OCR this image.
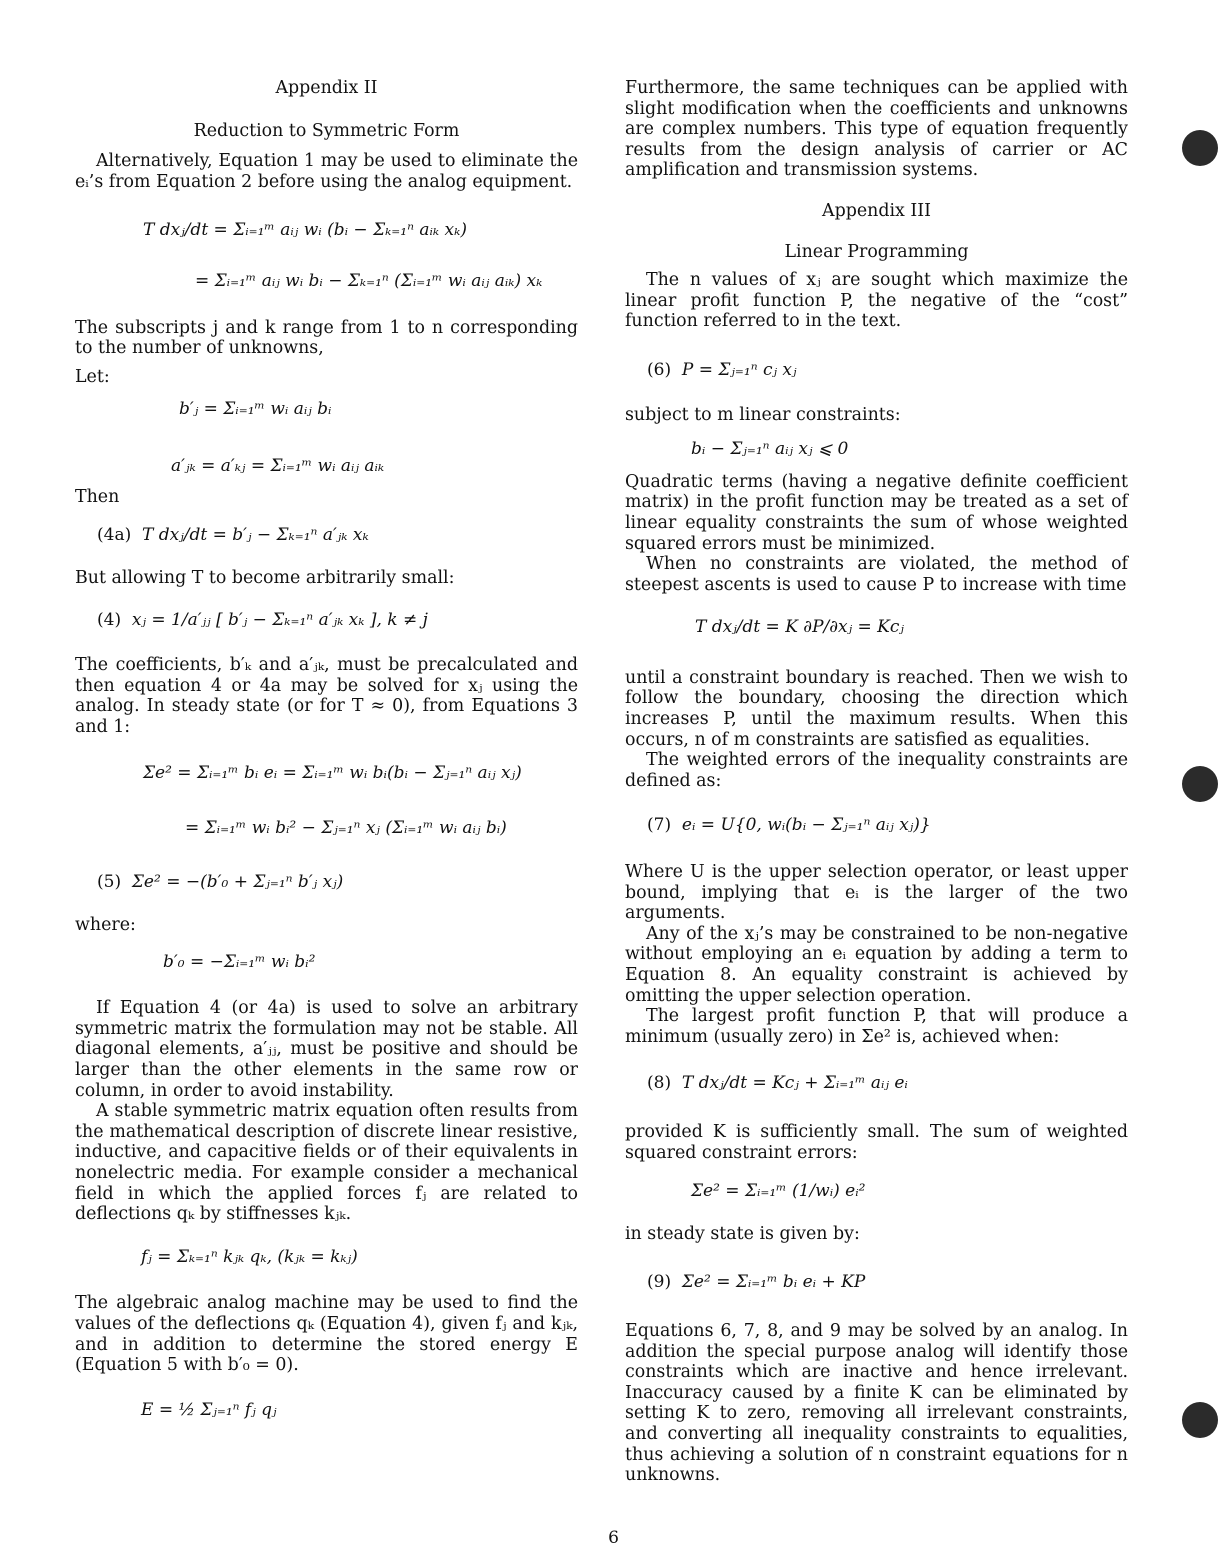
Appendix II

Reduction to Symmetric Form

Alternatively, Equation 1 may be used to eliminate the eᵢ’s from Equation 2 before using the analog equipment.

T dxⱼ/dt = Σᵢ₌₁ᵐ aᵢⱼ wᵢ (bᵢ − Σₖ₌₁ⁿ aᵢₖ xₖ)

= Σᵢ₌₁ᵐ aᵢⱼ wᵢ bᵢ − Σₖ₌₁ⁿ (Σᵢ₌₁ᵐ wᵢ aᵢⱼ aᵢₖ) xₖ

The subscripts j and k range from 1 to n corresponding to the number of unknowns,

Let:

b′ⱼ = Σᵢ₌₁ᵐ wᵢ aᵢⱼ bᵢ

a′ⱼₖ = a′ₖⱼ = Σᵢ₌₁ᵐ wᵢ aᵢⱼ aᵢₖ

Then

(4a) T dxⱼ/dt = b′ⱼ − Σₖ₌₁ⁿ a′ⱼₖ xₖ

But allowing T to become arbitrarily small:

(4) xⱼ = 1/a′ⱼⱼ [ b′ⱼ − Σₖ₌₁ⁿ a′ⱼₖ xₖ ], k ≠ j

The coefficients, b′ₖ and a′ⱼₖ, must be precalculated and then equation 4 or 4a may be solved for xⱼ using the analog. In steady state (or for T ≈ 0), from Equations 3 and 1:

Σe² = Σᵢ₌₁ᵐ bᵢ eᵢ = Σᵢ₌₁ᵐ wᵢ bᵢ(bᵢ − Σⱼ₌₁ⁿ aᵢⱼ xⱼ)

= Σᵢ₌₁ᵐ wᵢ bᵢ² − Σⱼ₌₁ⁿ xⱼ (Σᵢ₌₁ᵐ wᵢ aᵢⱼ bᵢ)

(5) Σe² = −(b′₀ + Σⱼ₌₁ⁿ b′ⱼ xⱼ)

where:

b′₀ = −Σᵢ₌₁ᵐ wᵢ bᵢ²

If Equation 4 (or 4a) is used to solve an arbitrary symmetric matrix the formulation may not be stable. All diagonal elements, a′ⱼⱼ, must be positive and should be larger than the other elements in the same row or column, in order to avoid instability.

A stable symmetric matrix equation often results from the mathematical description of discrete linear resistive, inductive, and capacitive fields or of their equivalents in nonelectric media. For example consider a mechanical field in which the applied forces fⱼ are related to deflections qₖ by stiffnesses kⱼₖ.

fⱼ = Σₖ₌₁ⁿ kⱼₖ qₖ, (kⱼₖ = kₖⱼ)

The algebraic analog machine may be used to find the values of the deflections qₖ (Equation 4), given fⱼ and kⱼₖ, and in addition to determine the stored energy E (Equation 5 with b′₀ = 0).

E = ½ Σⱼ₌₁ⁿ fⱼ qⱼ

Furthermore, the same techniques can be applied with slight modification when the coefficients and unknowns are complex numbers. This type of equation frequently results from the design analysis of carrier or AC amplification and transmission systems.

Appendix III

Linear Programming

The n values of xⱼ are sought which maximize the linear profit function P, the negative of the “cost” function referred to in the text.

(6) P = Σⱼ₌₁ⁿ cⱼ xⱼ

subject to m linear constraints:

bᵢ − Σⱼ₌₁ⁿ aᵢⱼ xⱼ ⩽ 0

Quadratic terms (having a negative definite coefficient matrix) in the profit function may be treated as a set of linear equality constraints the sum of whose weighted squared errors must be minimized.

When no constraints are violated, the method of steepest ascents is used to cause P to increase with time

T dxⱼ/dt = K ∂P/∂xⱼ = Kcⱼ

until a constraint boundary is reached. Then we wish to follow the boundary, choosing the direction which increases P, until the maximum results. When this occurs, n of m constraints are satisfied as equalities.

The weighted errors of the inequality constraints are defined as:

(7) eᵢ = U{0, wᵢ(bᵢ − Σⱼ₌₁ⁿ aᵢⱼ xⱼ)}

Where U is the upper selection operator, or least upper bound, implying that eᵢ is the larger of the two arguments.

Any of the xⱼ’s may be constrained to be non-negative without employing an eᵢ equation by adding a term to Equation 8. An equality constraint is achieved by omitting the upper selection operation.

The largest profit function P, that will produce a minimum (usually zero) in Σe² is, achieved when:

(8) T dxⱼ/dt = Kcⱼ + Σᵢ₌₁ᵐ aᵢⱼ eᵢ

provided K is sufficiently small. The sum of weighted squared constraint errors:

Σe² = Σᵢ₌₁ᵐ (1/wᵢ) eᵢ²

in steady state is given by:

(9) Σe² = Σᵢ₌₁ᵐ bᵢ eᵢ + KP

Equations 6, 7, 8, and 9 may be solved by an analog. In addition the special purpose analog will identify those constraints which are inactive and hence irrelevant. Inaccuracy caused by a finite K can be eliminated by setting K to zero, removing all irrelevant constraints, and converting all inequality constraints to equalities, thus achieving a solution of n constraint equations for n unknowns.

6
